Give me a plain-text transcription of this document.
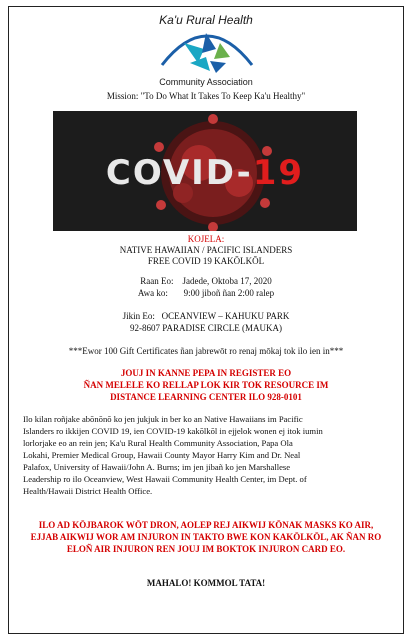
Ka'u Rural Health
Community Association
Mission: "To Do What It Takes To Keep Ka'u Healthy"
COVID-19
KOJELA:
NATIVE HAWAIIAN / PACIFIC ISLANDERS
FREE COVID 19 KAKŌLKŌL
Raan Eo: Jadede, Oktoba 17, 2020
Awa ko: 9:00 jiboñ ñan 2:00 ralep
Jikin Eo: OCEANVIEW – KAHUKU PARK
92-8607 PARADISE CIRCLE (MAUKA)
***Ewor 100 Gift Certificates ñan jabrewōt ro renaj mōkaj tok ilo ien in***
JOUJ IN KANNE PEPA IN REGISTER EO
ÑAN MELELE KO RELLAP LOK KIR TOK RESOURCE IM
DISTANCE LEARNING CENTER ILO 928-0101
Ilo kilan roñjake abōnōnō ko jen jukjuk in ber ko an Native Hawaiians im Pacific
Islanders ro ikkijen COVID 19, ien COVID-19 kakōlkōl in ejjelok wonen ej itok iumin
lorlorjake eo an rein jen; Ka'u Rural Health Community Association, Papa Ola
Lokahi, Premier Medical Group, Hawaii County Mayor Harry Kim and Dr. Neal
Palafox, University of Hawaii/John A. Burns; im jen jibañ ko jen Marshallese
Leadership ro ilo Oceanview, West Hawaii Community Health Center, im Dept. of
Health/Hawaii District Health Office.
ILO AD KŌJBAROK WŌT DRON, AOLEP REJ AIKWIJ KŌNAK MASKS KO AIR,
EJJAB AIKWIJ WOR AM INJURON IN TAKTO BWE KON KAKŌLKŌL, AK ÑAN RO
ELOÑ AIR INJURON REN JOUJ IM BOKTOK INJURON CARD EO.
MAHALO! KOMMOL TATA!
